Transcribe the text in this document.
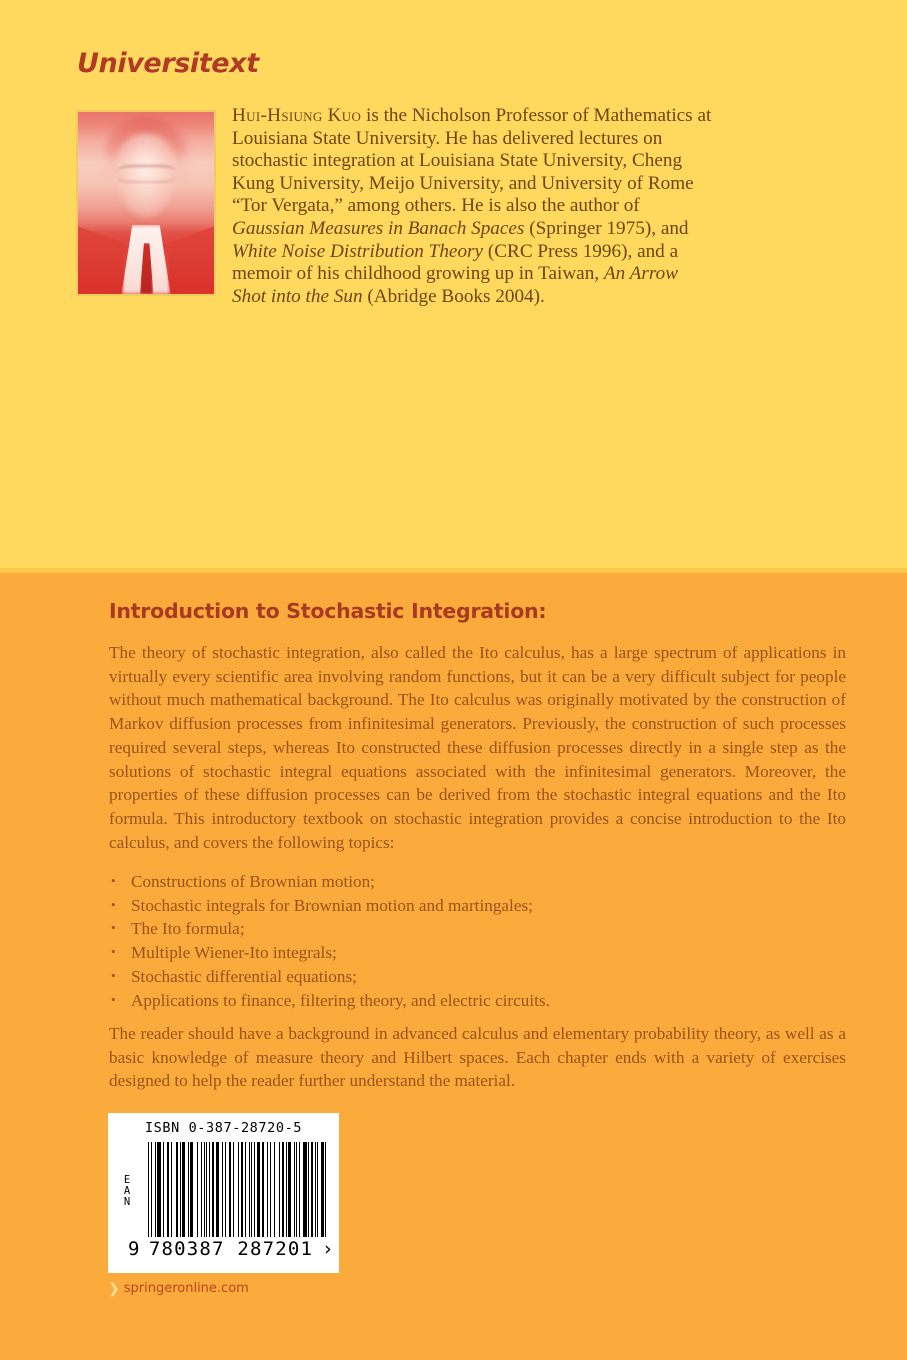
Universitext
Hui-Hsiung Kuo is the Nicholson Professor of Mathematics at Louisiana State University. He has delivered lectures on stochastic integration at Louisiana State University, Cheng Kung University, Meijo University, and University of Rome “Tor Vergata,” among others. He is also the author of Gaussian Measures in Banach Spaces (Springer 1975), and White Noise Distribution Theory (CRC Press 1996), and a memoir of his childhood growing up in Taiwan, An Arrow Shot into the Sun (Abridge Books 2004).
Introduction to Stochastic Integration:
The theory of stochastic integration, also called the Ito calculus, has a large spectrum of applications in virtually every scientific area involving random functions, but it can be a very difficult subject for people without much mathematical background. The Ito calculus was originally motivated by the construction of Markov diffusion processes from infinitesimal generators. Previously, the construction of such processes required several steps, whereas Ito constructed these diffusion processes directly in a single step as the solutions of stochastic integral equations associated with the infinitesimal generators. Moreover, the properties of these diffusion processes can be derived from the stochastic integral equations and the Ito formula. This introductory textbook on stochastic integration provides a concise introduction to the Ito calculus, and covers the following topics:
• Constructions of Brownian motion;
• Stochastic integrals for Brownian motion and martingales;
• The Ito formula;
• Multiple Wiener-Ito integrals;
• Stochastic differential equations;
• Applications to finance, filtering theory, and electric circuits.
The reader should have a background in advanced calculus and elementary probability theory, as well as a basic knowledge of measure theory and Hilbert spaces. Each chapter ends with a variety of exercises designed to help the reader further understand the material.
ISBN 0-387-28720-5
E
A
N
9 780387 287201 ›
❯ springeronline.com
